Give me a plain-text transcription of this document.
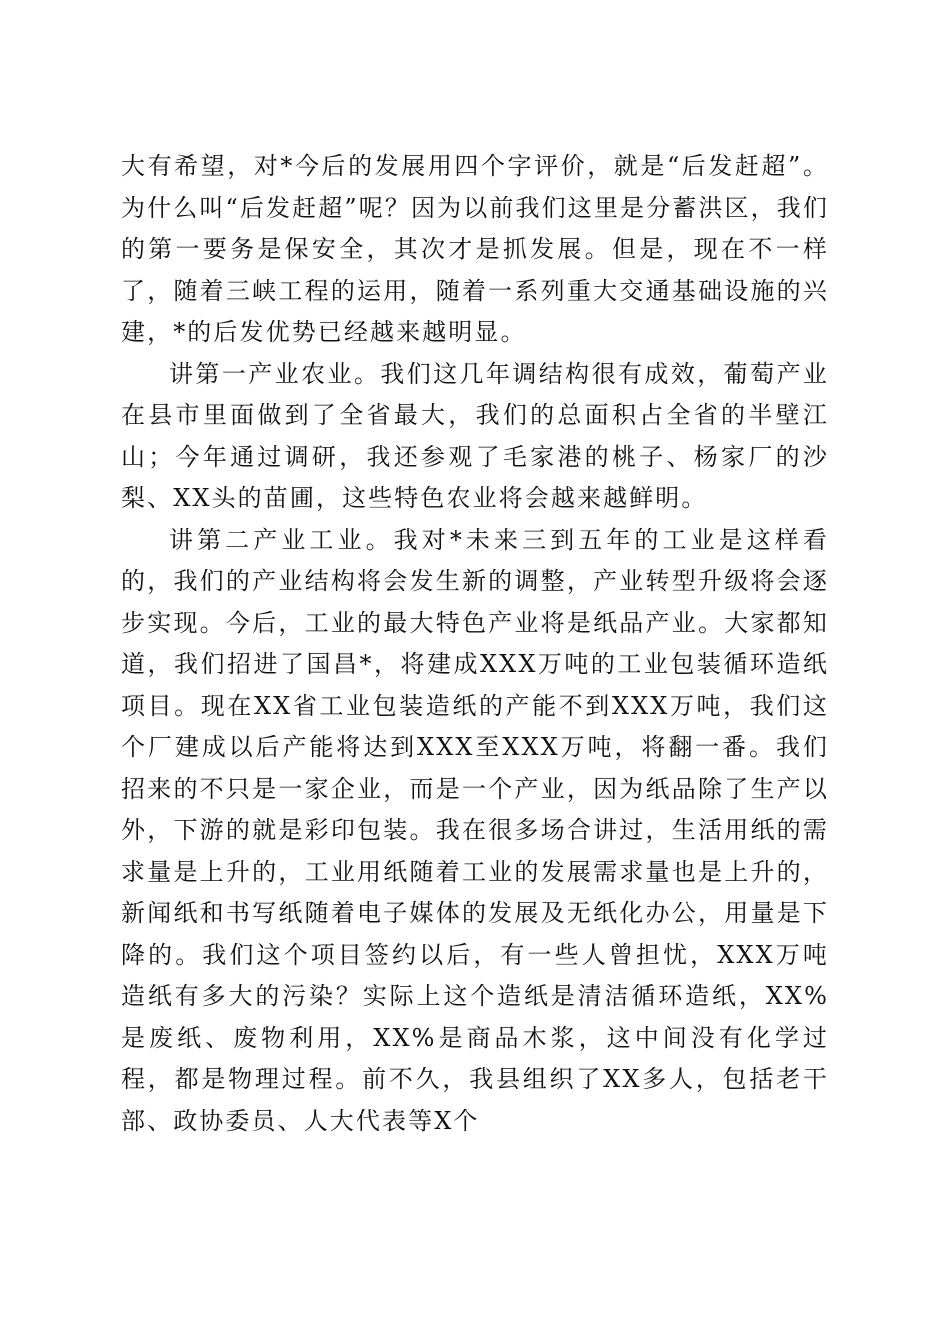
大有希望，对*今后的发展用四个字评价，就是“后发赶超”。为什么叫“后发赶超”呢？因为以前我们这里是分蓄洪区，我们的第一要务是保安全，其次才是抓发展。但是，现在不一样了，随着三峡工程的运用，随着一系列重大交通基础设施的兴建，*的后发优势已经越来越明显。

讲第一产业农业。我们这几年调结构很有成效，葡萄产业在县市里面做到了全省最大，我们的总面积占全省的半壁江山；今年通过调研，我还参观了毛家港的桃子、杨家厂的沙梨、XX头的苗圃，这些特色农业将会越来越鲜明。

讲第二产业工业。我对*未来三到五年的工业是这样看的，我们的产业结构将会发生新的调整，产业转型升级将会逐步实现。今后，工业的最大特色产业将是纸品产业。大家都知道，我们招进了国昌*，将建成XXX万吨的工业包装循环造纸项目。现在XX省工业包装造纸的产能不到XXX万吨，我们这个厂建成以后产能将达到XXX至XXX万吨，将翻一番。我们招来的不只是一家企业，而是一个产业，因为纸品除了生产以外，下游的就是彩印包装。我在很多场合讲过，生活用纸的需求量是上升的，工业用纸随着工业的发展需求量也是上升的，新闻纸和书写纸随着电子媒体的发展及无纸化办公，用量是下降的。我们这个项目签约以后，有一些人曾担忧，XXX万吨造纸有多大的污染？实际上这个造纸是清洁循环造纸，XX%是废纸、废物利用，XX%是商品木浆，这中间没有化学过程，都是物理过程。前不久，我县组织了XX多人，包括老干部、政协委员、人大代表等X个
